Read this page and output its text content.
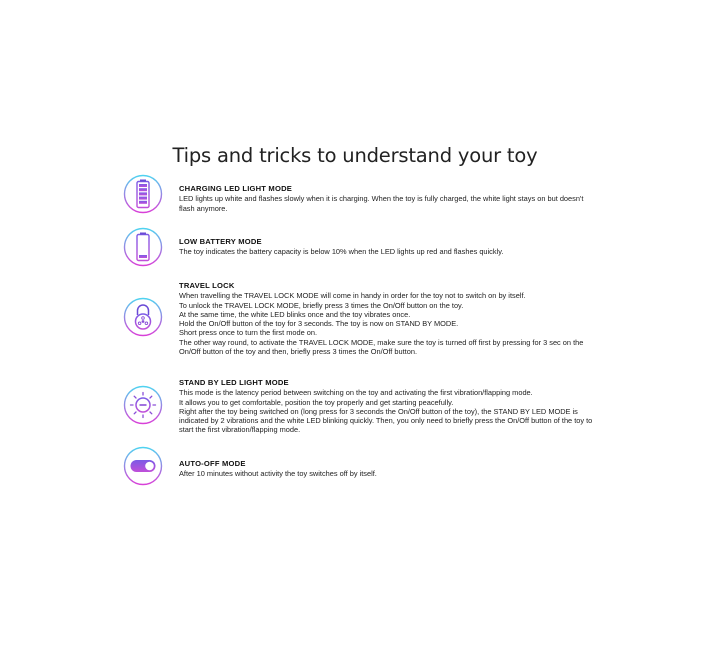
Tips and tricks to understand your toy
CHARGING LED LIGHT MODE

LED lights up white and flashes slowly when it is charging. When the toy is fully charged, the white light stays on but doesn't flash anymore.

LOW BATTERY MODE

The toy indicates the battery capacity is below 10% when the LED lights up red and flashes quickly.

TRAVEL LOCK

When travelling the TRAVEL LOCK MODE will come in handy in order for the toy not to switch on by itself.

To unlock the TRAVEL LOCK MODE, briefly press 3 times the On/Off button on the toy.

At the same time, the white LED blinks once and the toy vibrates once.

Hold the On/Off button of the toy for 3 seconds. The toy is now on STAND BY MODE.

Short press once to turn the first mode on.

The other way round, to activate the TRAVEL LOCK MODE, make sure the toy is turned off first by pressing for 3 sec on the On/Off button of the toy and then, briefly press 3 times the On/Off button.

STAND BY LED LIGHT MODE

This mode is the latency period between switching on the toy and activating the first vibration/flapping mode.

It allows you to get comfortable, position the toy properly and get starting peacefully.

Right after the toy being switched on (long press for 3 seconds the On/Off button of the toy), the STAND BY LED MODE is indicated by 2 vibrations and the white LED blinking quickly. Then, you only need to briefly press the On/Off button of the toy to start the first vibration/flapping mode.

AUTO-OFF MODE

After 10 minutes without activity the toy switches off by itself.
